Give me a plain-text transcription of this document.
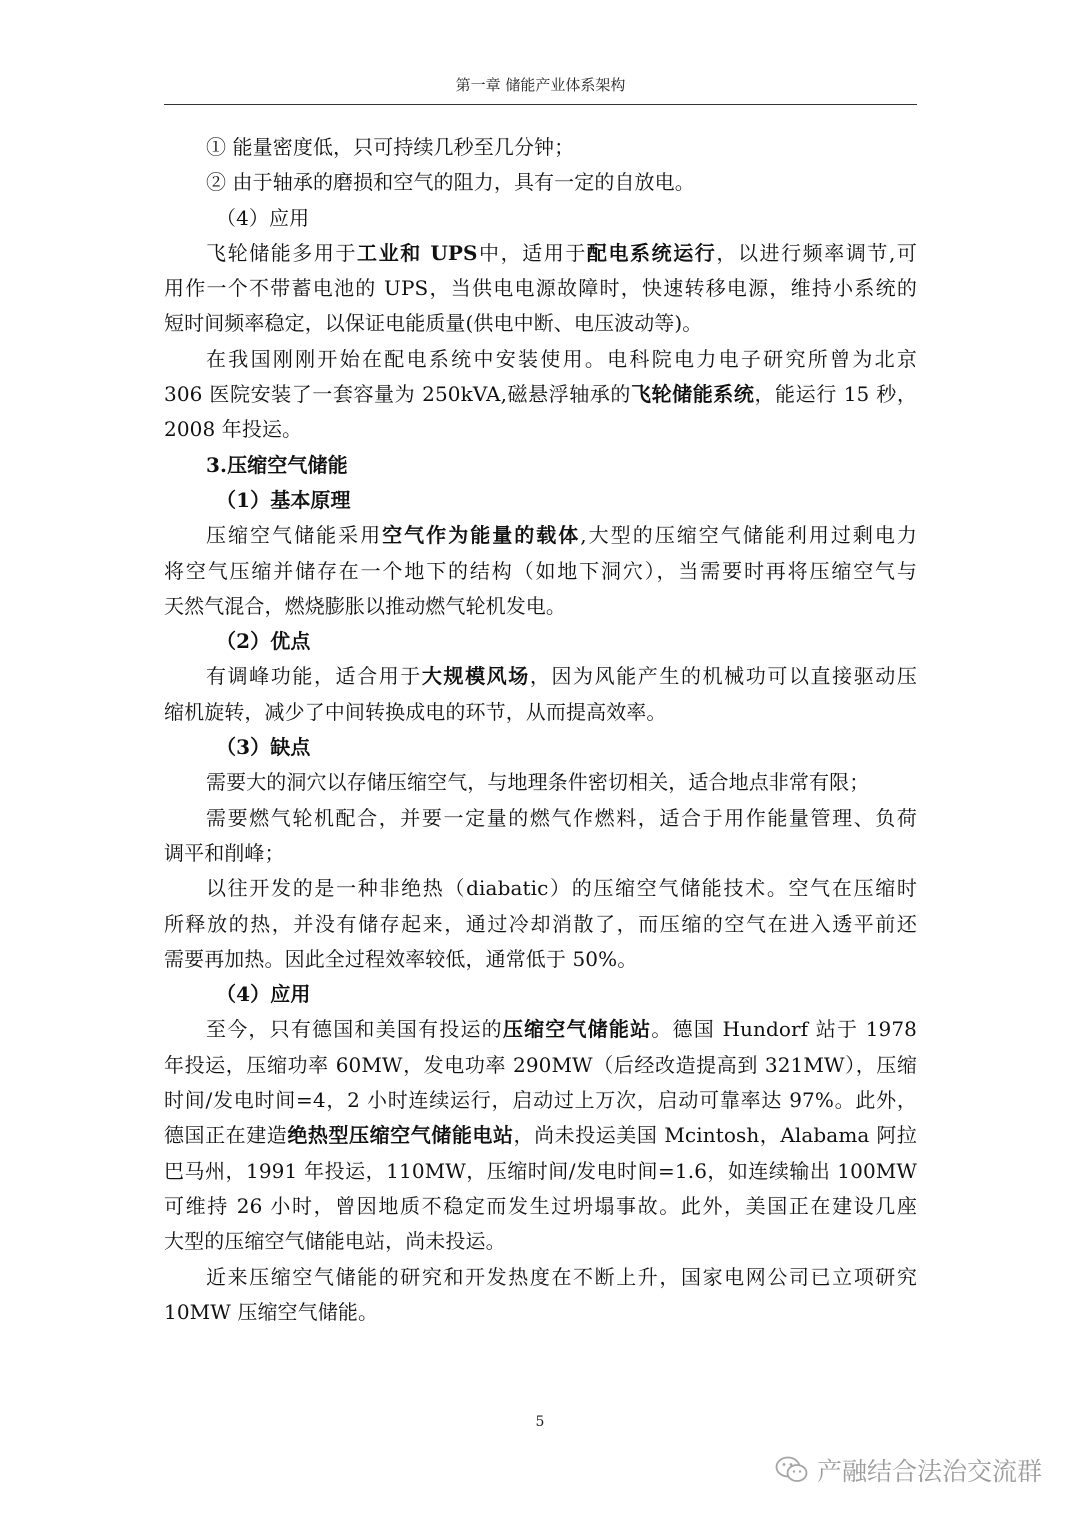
第一章 储能产业体系架构
① 能量密度低，只可持续几秒至几分钟；
② 由于轴承的磨损和空气的阻力，具有一定的自放电。
（4）应用
飞轮储能多用于工业和 UPS中，适用于配电系统运行，以进行频率调节,可
用作一个不带蓄电池的 UPS，当供电电源故障时，快速转移电源，维持小系统的
短时间频率稳定，以保证电能质量(供电中断、电压波动等)。
在我国刚刚开始在配电系统中安装使用。电科院电力电子研究所曾为北京
306 医院安装了一套容量为 250kVA,磁悬浮轴承的飞轮储能系统，能运行 15 秒，
2008 年投运。
3.压缩空气储能
（1）基本原理
压缩空气储能采用空气作为能量的载体,大型的压缩空气储能利用过剩电力
将空气压缩并储存在一个地下的结构（如地下洞穴），当需要时再将压缩空气与
天然气混合，燃烧膨胀以推动燃气轮机发电。
（2）优点
有调峰功能，适合用于大规模风场，因为风能产生的机械功可以直接驱动压
缩机旋转，减少了中间转换成电的环节，从而提高效率。
（3）缺点
需要大的洞穴以存储压缩空气，与地理条件密切相关，适合地点非常有限；
需要燃气轮机配合，并要一定量的燃气作燃料，适合于用作能量管理、负荷
调平和削峰；
以往开发的是一种非绝热（diabatic）的压缩空气储能技术。空气在压缩时
所释放的热，并没有储存起来，通过冷却消散了，而压缩的空气在进入透平前还
需要再加热。因此全过程效率较低，通常低于 50%。
（4）应用
至今，只有德国和美国有投运的压缩空气储能站。德国 Hundorf 站于 1978
年投运，压缩功率 60MW，发电功率 290MW（后经改造提高到 321MW），压缩
时间/发电时间=4，2 小时连续运行，启动过上万次，启动可靠率达 97%。此外，
德国正在建造绝热型压缩空气储能电站，尚未投运美国 Mcintosh，Alabama 阿拉
巴马州，1991 年投运，110MW，压缩时间/发电时间=1.6，如连续输出 100MW
可维持 26 小时，曾因地质不稳定而发生过坍塌事故。此外，美国正在建设几座
大型的压缩空气储能电站，尚未投运。
近来压缩空气储能的研究和开发热度在不断上升，国家电网公司已立项研究
10MW 压缩空气储能。
5
产融结合法治交流群
